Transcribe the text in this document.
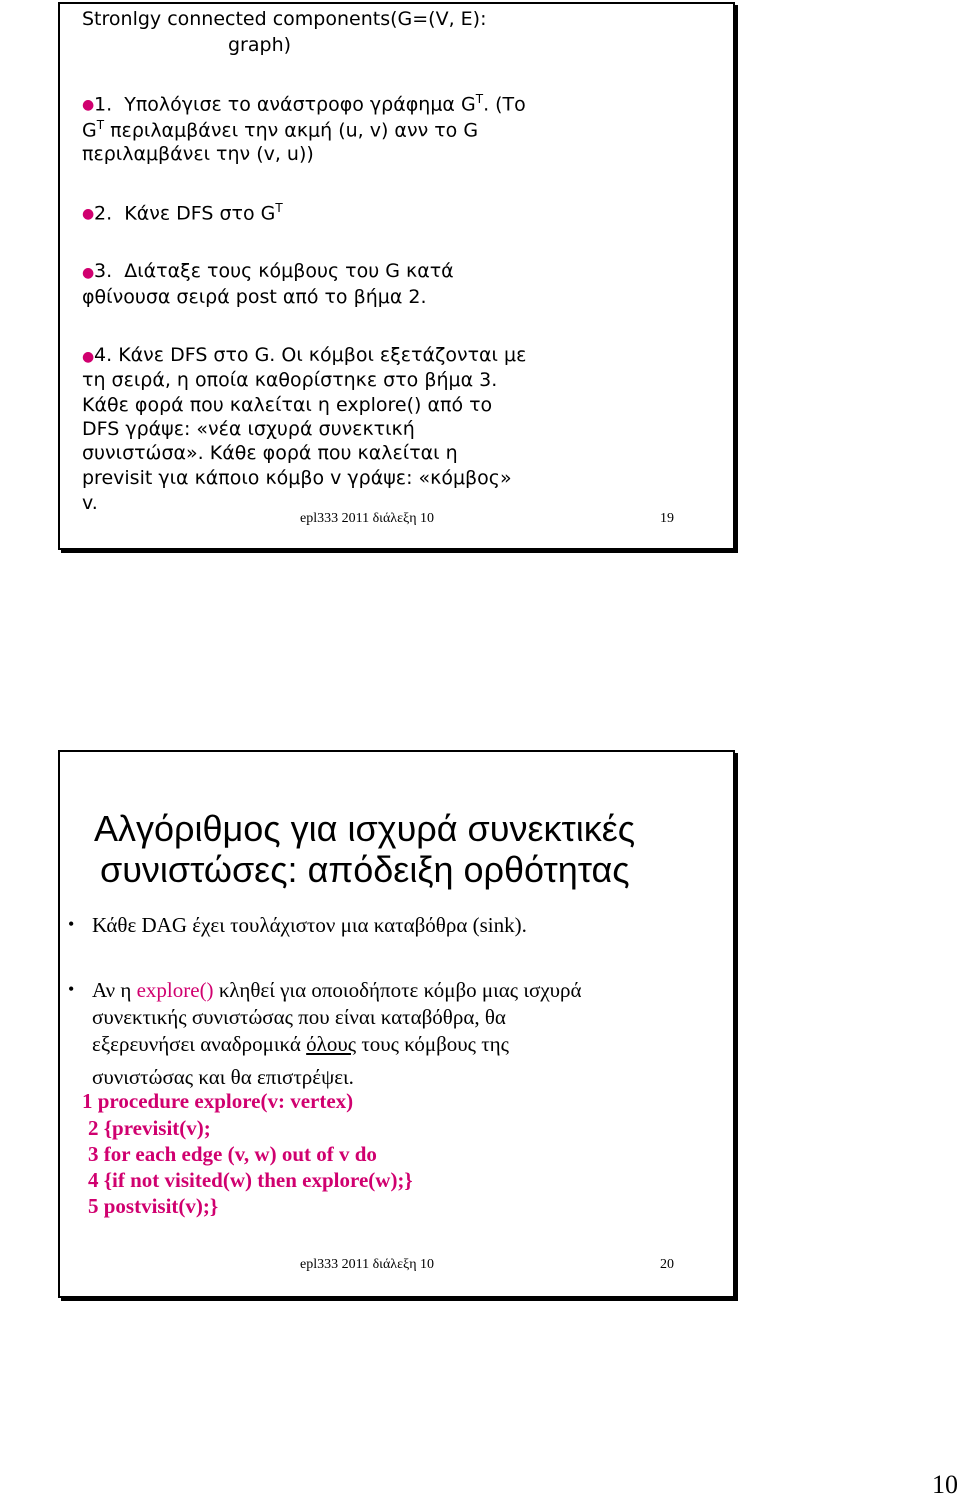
Stronlgy connected components(G=(V, E):
graph)
● 1. Υπολόγισε το ανάστροφο γράφημα $G^T$. (Το
$G^T$ περιλαμβάνει την ακμή (u, v) ανν το G
περιλαμβάνει την (v, u))
● 2. Κάνε DFS στο $G^T$
● 3. Διάταξε τους κόμβους του G κατά
φθίνουσα σειρά post από το βήμα 2.
● 4. Κάνε DFS στο G. Οι κόμβοι εξετάζονται με
τη σειρά, η οποία καθορίστηκε στο βήμα 3.
Κάθε φορά που καλείται η explore() από το
DFS γράψε: «νέα ισχυρά συνεκτική
συνιστώσα». Κάθε φορά που καλείται η
previsit για κάποιο κόμβο v γράψε: «κόμβος»
v.
epl333 2011 διάλεξη 10	19
Αλγόριθμος για ισχυρά συνεκτικές
συνιστώσες: απόδειξη ορθότητας
• Κάθε DAG έχει τουλάχιστον μια καταβόθρα (sink).
• Αν η explore() κληθεί για οποιοδήποτε κόμβο μιας ισχυρά
συνεκτικής συνιστώσας που είναι καταβόθρα, θα
εξερευνήσει αναδρομικά όλους τους κόμβους της
συνιστώσας και θα επιστρέψει.
1 procedure explore(v: vertex)
2 {previsit(v);
3 for each edge (v, w) out of v do
4 {if not visited(w) then explore(w);}
5 postvisit(v);}
epl333 2011 διάλεξη 10	20
10
